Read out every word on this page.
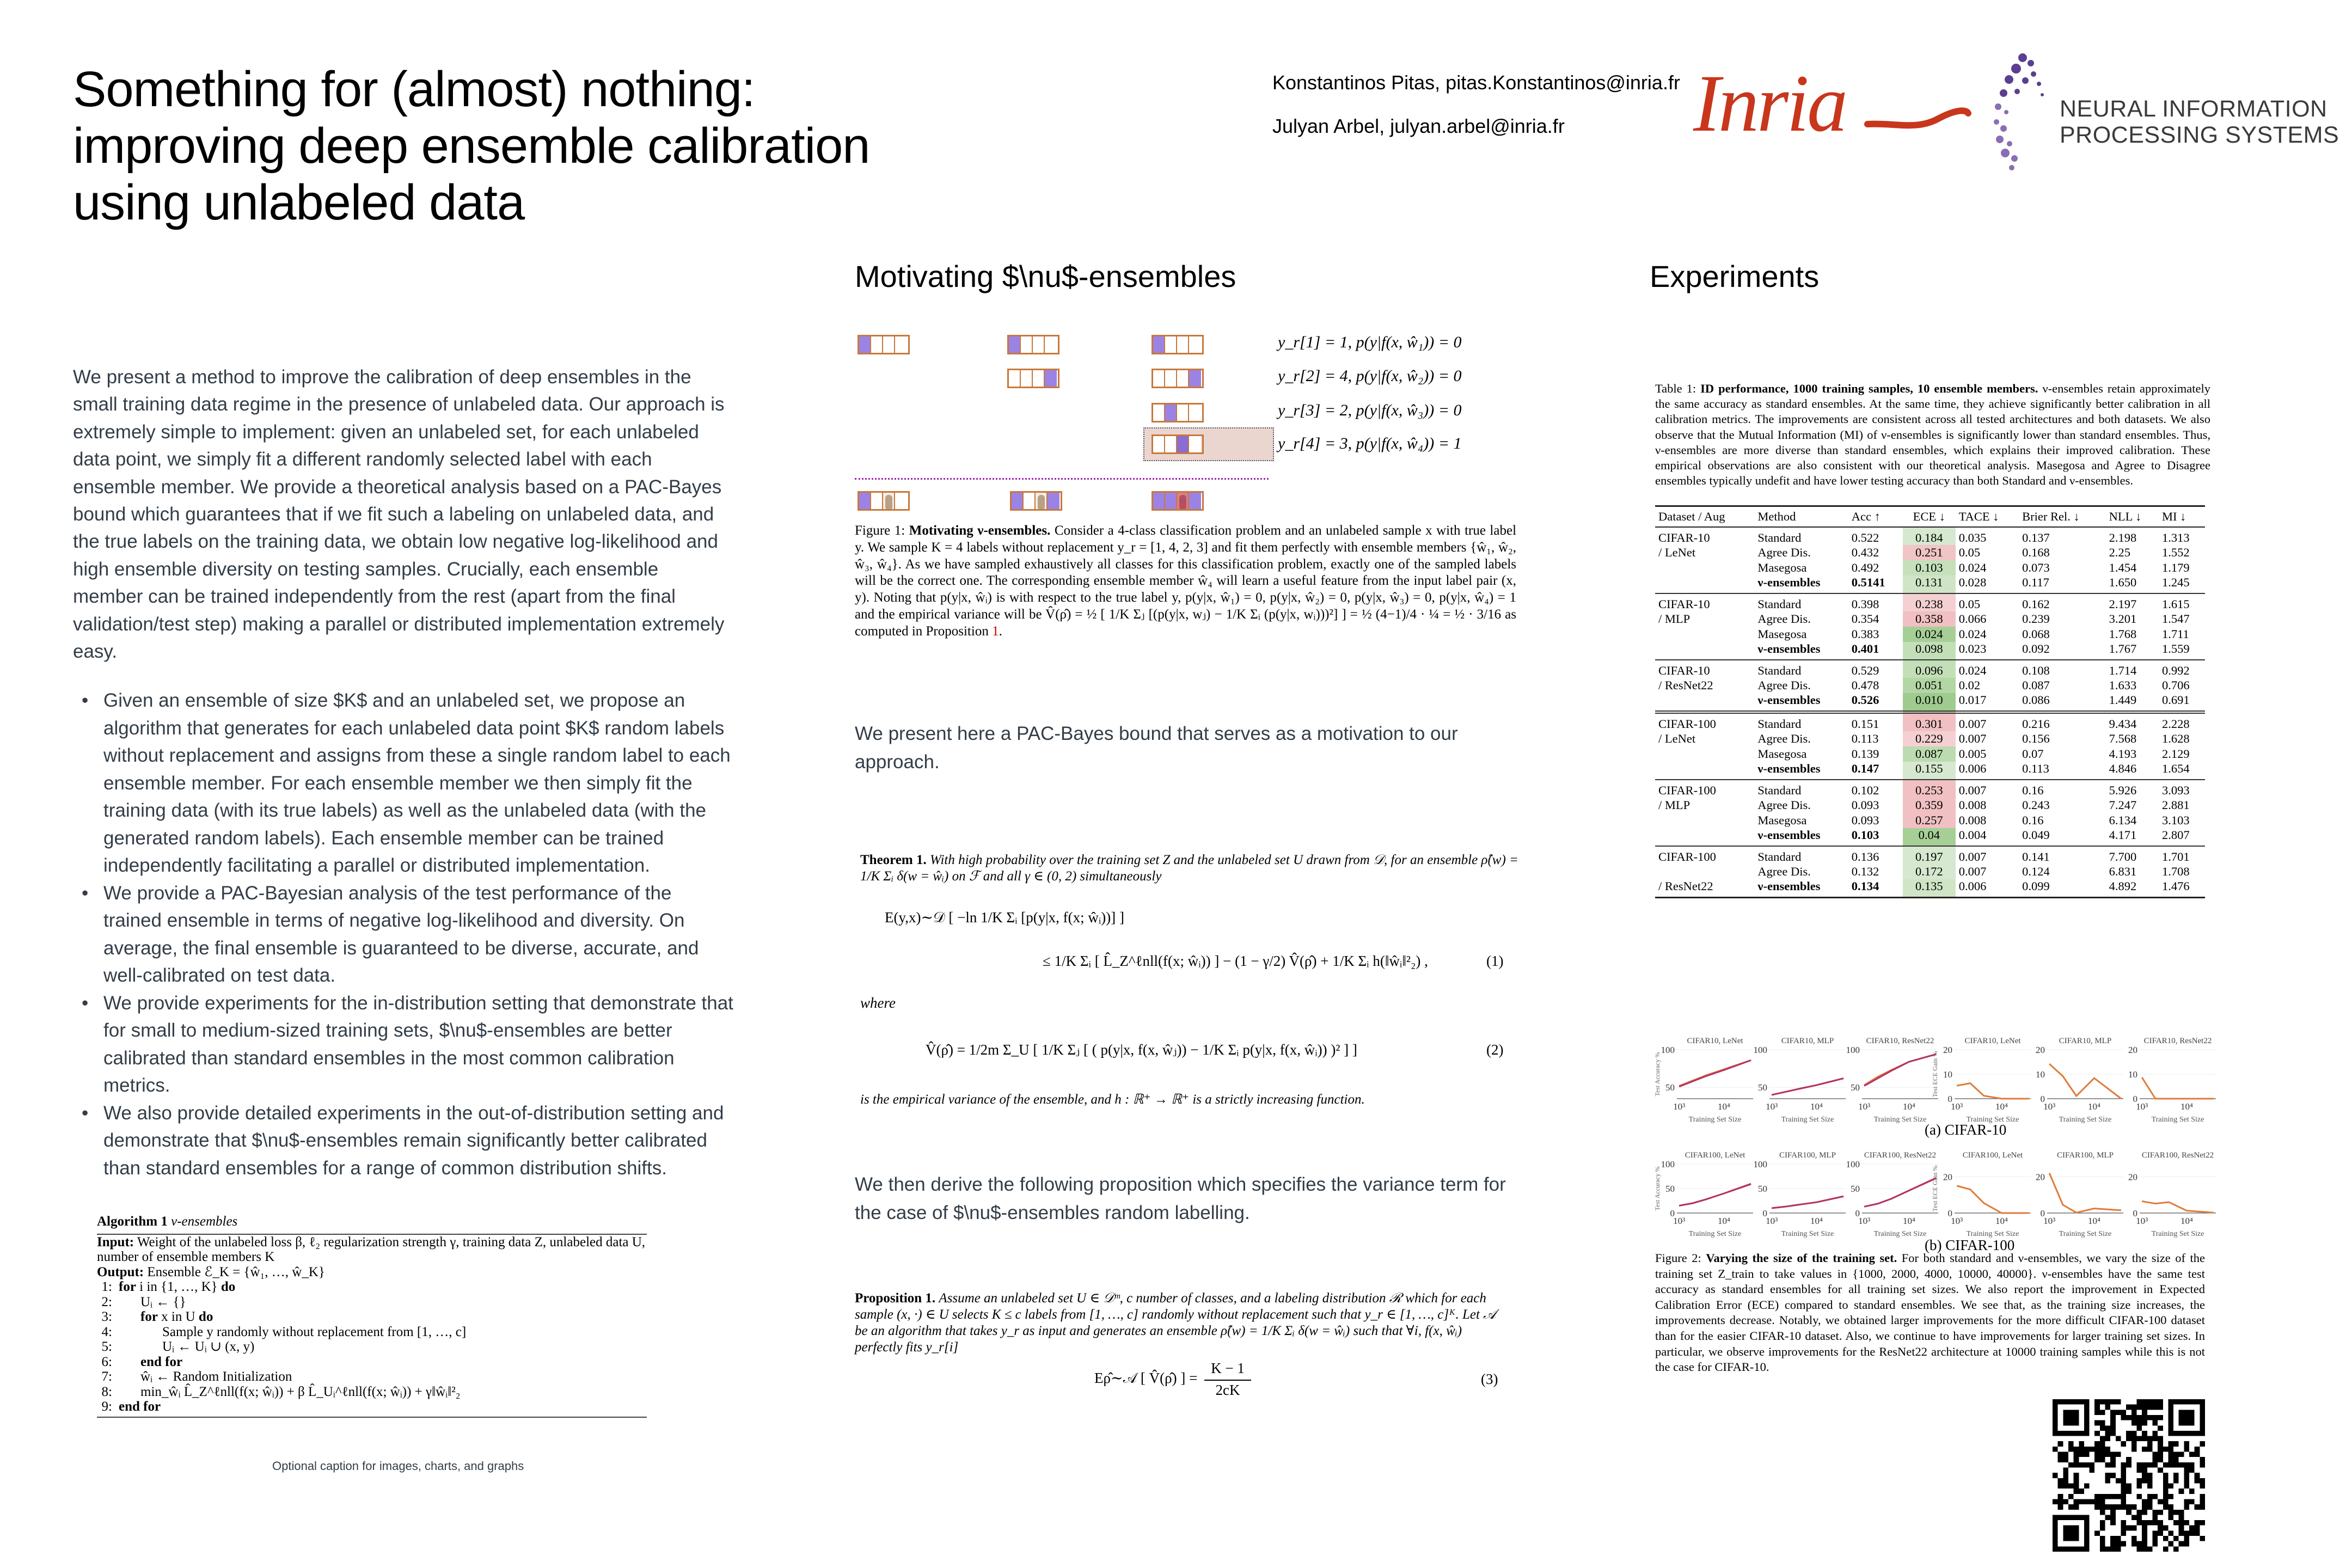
Something for (almost) nothing:
improving deep ensemble calibration
using unlabeled data
Konstantinos Pitas, pitas.Konstantinos@inria.fr
Julyan Arbel, julyan.arbel@inria.fr	Inria	NEURAL INFORMATION
PROCESSING SYSTEMS

We present a method to improve the calibration of deep ensembles in the small training data regime in the presence of unlabeled data. Our approach is extremely simple to implement: given an unlabeled set, for each unlabeled data point, we simply fit a different randomly selected label with each ensemble member. We provide a theoretical analysis based on a PAC-Bayes bound which guarantees that if we fit such a labeling on unlabeled data, and the true labels on the training data, we obtain low negative log-likelihood and high ensemble diversity on testing samples. Crucially, each ensemble member can be trained independently from the rest (apart from the final validation/test step) making a parallel or distributed implementation extremely easy.

• Given an ensemble of size $K$ and an unlabeled set, we propose an algorithm that generates for each unlabeled data point $K$ random labels without replacement and assigns from these a single random label to each ensemble member. For each ensemble member we then simply fit the training data (with its true labels) as well as the unlabeled data (with the generated random labels). Each ensemble member can be trained independently facilitating a parallel or distributed implementation.
• We provide a PAC-Bayesian analysis of the test performance of the trained ensemble in terms of negative log-likelihood and diversity. On average, the final ensemble is guaranteed to be diverse, accurate, and well-calibrated on test data.
• We provide experiments for the in-distribution setting that demonstrate that for small to medium-sized training sets, $\nu$-ensembles are better calibrated than standard ensembles in the most common calibration metrics.
• We also provide detailed experiments in the out-of-distribution setting and demonstrate that $\nu$-ensembles remain significantly better calibrated than standard ensembles for a range of common distribution shifts.
Algorithm 1 ν-ensembles
Input: Weight of the unlabeled loss β, ℓ₂ regularization strength γ, training data Z, unlabeled data U, number of ensemble members K
Output: Ensemble ℰ_K = {ŵ₁, …, ŵ_K}
1: for i in {1, …, K} do
2:	Uᵢ ← {}
3:	for x in U do
4:	Sample y randomly without replacement from [1, …, c]
5:	Uᵢ ← Uᵢ ∪ (x, y)
6:	end for
7:	ŵᵢ ← Random Initialization
8:	min_ŵᵢ L̂_Z^ℓnll(f(x; ŵᵢ)) + β L̂_Uᵢ^ℓnll(f(x; ŵᵢ)) + γ‖ŵᵢ‖²₂
9: end for
Optional caption for images, charts, and graphs
Motivating $\nu$-ensembles
y_r[1] = 1, p(y|f(x, ŵ₁)) = 0
y_r[2] = 4, p(y|f(x, ŵ₂)) = 0
y_r[3] = 2, p(y|f(x, ŵ₃)) = 0
y_r[4] = 3, p(y|f(x, ŵ₄)) = 1
Figure 1: Motivating ν-ensembles. Consider a 4-class classification problem and an unlabeled sample x with true label y. We sample K = 4 labels without replacement y_r = [1, 4, 2, 3] and fit them perfectly with ensemble members {ŵ₁, ŵ₂, ŵ₃, ŵ₄}. As we have sampled exhaustively all classes for this classification problem, exactly one of the sampled labels will be the correct one. The corresponding ensemble member ŵ₄ will learn a useful feature from the input label pair (x, y). Noting that p(y|x, ŵᵢ) is with respect to the true label y, p(y|x, ŵ₁) = 0, p(y|x, ŵ₂) = 0, p(y|x, ŵ₃) = 0, p(y|x, ŵ₄) = 1 and the empirical variance will be V̂(ρ̂) = ½ [ 1/K Σⱼ [(p(y|x, wⱼ) − 1/K Σᵢ (p(y|x, wᵢ)))²] ] = ½ (4−1)/4 · ¼ = ½ · 3/16 as computed in Proposition 1.

We present here a PAC-Bayes bound that serves as a motivation to our approach.

Theorem 1. With high probability over the training set Z and the unlabeled set U drawn from 𝒟, for an ensemble ρ̂(w) = 1/K Σᵢ δ(w = ŵᵢ) on ℱ and all γ ∈ (0, 2) simultaneously
E(y,x)∼𝒟 [ −ln 1/K Σᵢ [p(y|x, f(x; ŵᵢ))] ]
≤ 1/K Σᵢ [ L̂_Z^ℓnll(f(x; ŵᵢ)) ] − (1 − γ/2) V̂(ρ̂) + 1/K Σᵢ h(‖ŵᵢ‖²₂) ,	(1)
where
V̂(ρ̂) = 1/2m Σ_U [ 1/K Σⱼ [ ( p(y|x, f(x, ŵⱼ)) − 1/K Σᵢ p(y|x, f(x, ŵᵢ)) )² ] ]	(2)
is the empirical variance of the ensemble, and h : ℝ⁺ → ℝ⁺ is a strictly increasing function.

We then derive the following proposition which specifies the variance term for the case of $\nu$-ensembles random labelling.

Proposition 1. Assume an unlabeled set U ∈ 𝒟ᵐ, c number of classes, and a labeling distribution ℛ which for each sample (x, ·) ∈ U selects K ≤ c labels from [1, …, c] randomly without replacement such that y_r ∈ [1, …, c]ᴷ. Let 𝒜 be an algorithm that takes y_r as input and generates an ensemble ρ̂(w) = 1/K Σᵢ δ(w = ŵᵢ) such that ∀i, f(x, ŵᵢ) perfectly fits y_r[i]
Eρ̂∼𝒜 [ V̂(ρ̂) ] =
K − 1
2cK
(3)
Experiments
Table 1: ID performance, 1000 training samples, 10 ensemble members. ν-ensembles retain approximately the same accuracy as standard ensembles. At the same time, they achieve significantly better calibration in all calibration metrics. The improvements are consistent across all tested architectures and both datasets. We also observe that the Mutual Information (MI) of ν-ensembles is significantly lower than standard ensembles. Thus, ν-ensembles are more diverse than standard ensembles, which explains their improved calibration. These empirical observations are also consistent with our theoretical analysis. Masegosa and Agree to Disagree ensembles typically undefit and have lower testing accuracy than both Standard and ν-ensembles.
Dataset / Aug	Method	Acc ↑	ECE ↓	TACE ↓	Brier Rel. ↓	NLL ↓	MI ↓
CIFAR-10	Standard	0.522	0.184	0.035	0.137	2.198	1.313
/ LeNet	Agree Dis.	0.432	0.251	0.05	0.168	2.25	1.552
	Masegosa	0.492	0.103	0.024	0.073	1.454	1.179
	ν-ensembles	0.5141	0.131	0.028	0.117	1.650	1.245
CIFAR-10	Standard	0.398	0.238	0.05	0.162	2.197	1.615
/ MLP	Agree Dis.	0.354	0.358	0.066	0.239	3.201	1.547
	Masegosa	0.383	0.024	0.024	0.068	1.768	1.711
	ν-ensembles	0.401	0.098	0.023	0.092	1.767	1.559
CIFAR-10	Standard	0.529	0.096	0.024	0.108	1.714	0.992
/ ResNet22	Agree Dis.	0.478	0.051	0.02	0.087	1.633	0.706
	ν-ensembles	0.526	0.010	0.017	0.086	1.449	0.691
CIFAR-100	Standard	0.151	0.301	0.007	0.216	9.434	2.228
/ LeNet	Agree Dis.	0.113	0.229	0.007	0.156	7.568	1.628
	Masegosa	0.139	0.087	0.005	0.07	4.193	2.129
	ν-ensembles	0.147	0.155	0.006	0.113	4.846	1.654
CIFAR-100	Standard	0.102	0.253	0.007	0.16	5.926	3.093
/ MLP	Agree Dis.	0.093	0.359	0.008	0.243	7.247	2.881
	Masegosa	0.093	0.257	0.008	0.16	6.134	3.103
	ν-ensembles	0.103	0.04	0.004	0.049	4.171	2.807
CIFAR-100	Standard	0.136	0.197	0.007	0.141	7.700	1.701
	Agree Dis.	0.132	0.172	0.007	0.124	6.831	1.708
/ ResNet22	ν-ensembles	0.134	0.135	0.006	0.099	4.892	1.476
CIFAR10, LeNet
50
100
10³	10⁴
Training Set Size
Test Accuracy %
CIFAR10, MLP
50
100
10³	10⁴
Training Set Size
CIFAR10, ResNet22
50
100
10³	10⁴
Training Set Size
CIFAR10, LeNet
0
10
20
10³	10⁴
Training Set Size
Test ECE Gain %
CIFAR10, MLP
0
10
20
10³	10⁴
Training Set Size
CIFAR10, ResNet22
0
10
20
10³	10⁴
Training Set Size
CIFAR100, LeNet
0
50
100
10³	10⁴
Training Set Size
Test Accuracy %
CIFAR100, MLP
0
50
100
10³	10⁴
Training Set Size
CIFAR100, ResNet22
0
50
100
10³	10⁴
Training Set Size
CIFAR100, LeNet
0
20
10³	10⁴
Training Set Size
Test ECE Gain %
CIFAR100, MLP
0
20
10³	10⁴
Training Set Size
CIFAR100, ResNet22
0
20
10³	10⁴
Training Set Size
(a) CIFAR-10
(b) CIFAR-100
Figure 2: Varying the size of the training set. For both standard and ν-ensembles, we vary the size of the training set Z_train to take values in {1000, 2000, 4000, 10000, 40000}. ν-ensembles have the same test accuracy as standard ensembles for all training set sizes. We also report the improvement in Expected Calibration Error (ECE) compared to standard ensembles. We see that, as the training size increases, the improvements decrease. Notably, we obtained larger improvements for the more difficult CIFAR-100 dataset than for the easier CIFAR-10 dataset. Also, we continue to have improvements for larger training set sizes. In particular, we observe improvements for the ResNet22 architecture at 10000 training samples while this is not the case for CIFAR-10.
